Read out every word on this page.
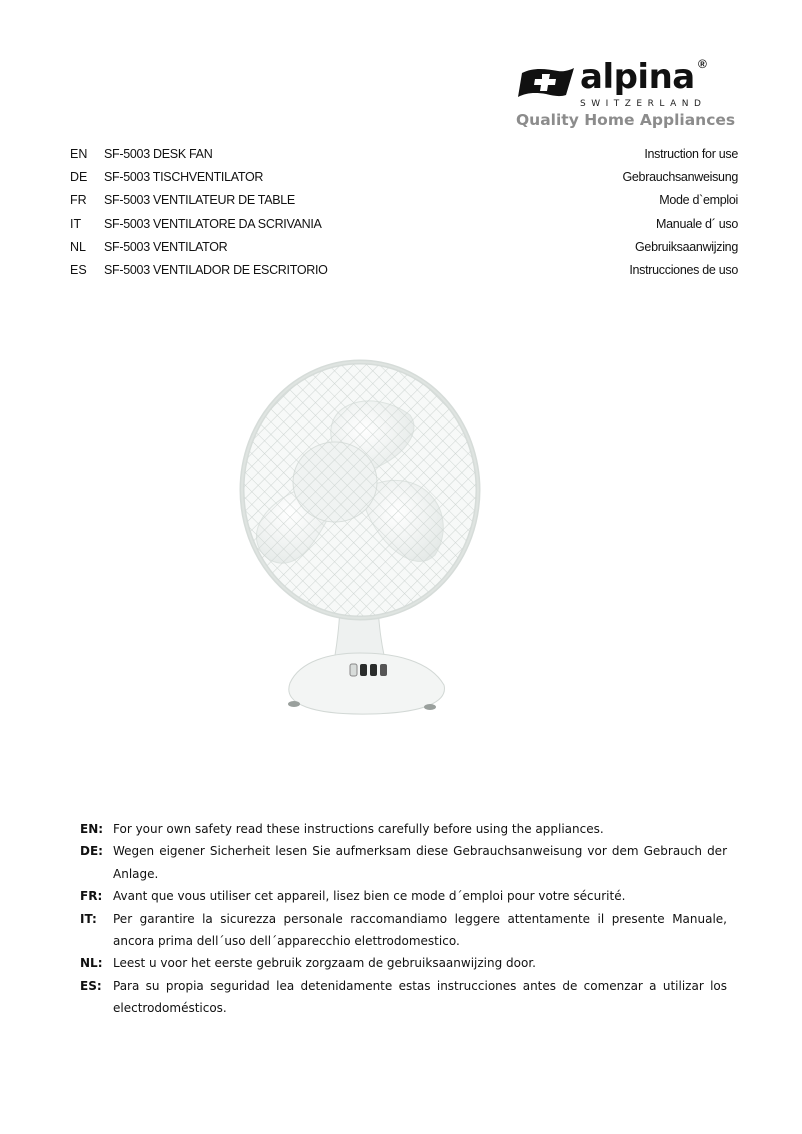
alpina ®
SWITZERLAND
Quality Home Appliances
EN SF-5003 DESK FAN	Instruction for use
DE SF-5003 TISCHVENTILATOR	Gebrauchsanweisung
FR SF-5003 VENTILATEUR DE TABLE	Mode d`emploi
IT SF-5003 VENTILATORE DA SCRIVANIA	Manuale d´ uso
NL SF-5003 VENTILATOR	Gebruiksaanwijzing
ES SF-5003 VENTILADOR DE ESCRITORIO	Instrucciones de uso
EN: For your own safety read these instructions carefully before using the appliances.
DE: Wegen eigener Sicherheit lesen Sie aufmerksam diese Gebrauchsanweisung vor dem Gebrauch der Anlage.
FR: Avant que vous utiliser cet appareil, lisez bien ce mode d´emploi pour votre sécurité.
IT: Per garantire la sicurezza personale raccomandiamo leggere attentamente il presente Manuale, ancora prima dell´uso dell´apparecchio elettrodomestico.
NL: Leest u voor het eerste gebruik zorgzaam de gebruiksaanwijzing door.
ES: Para su propia seguridad lea detenidamente estas instrucciones antes de comenzar a utilizar los electrodomésticos.
